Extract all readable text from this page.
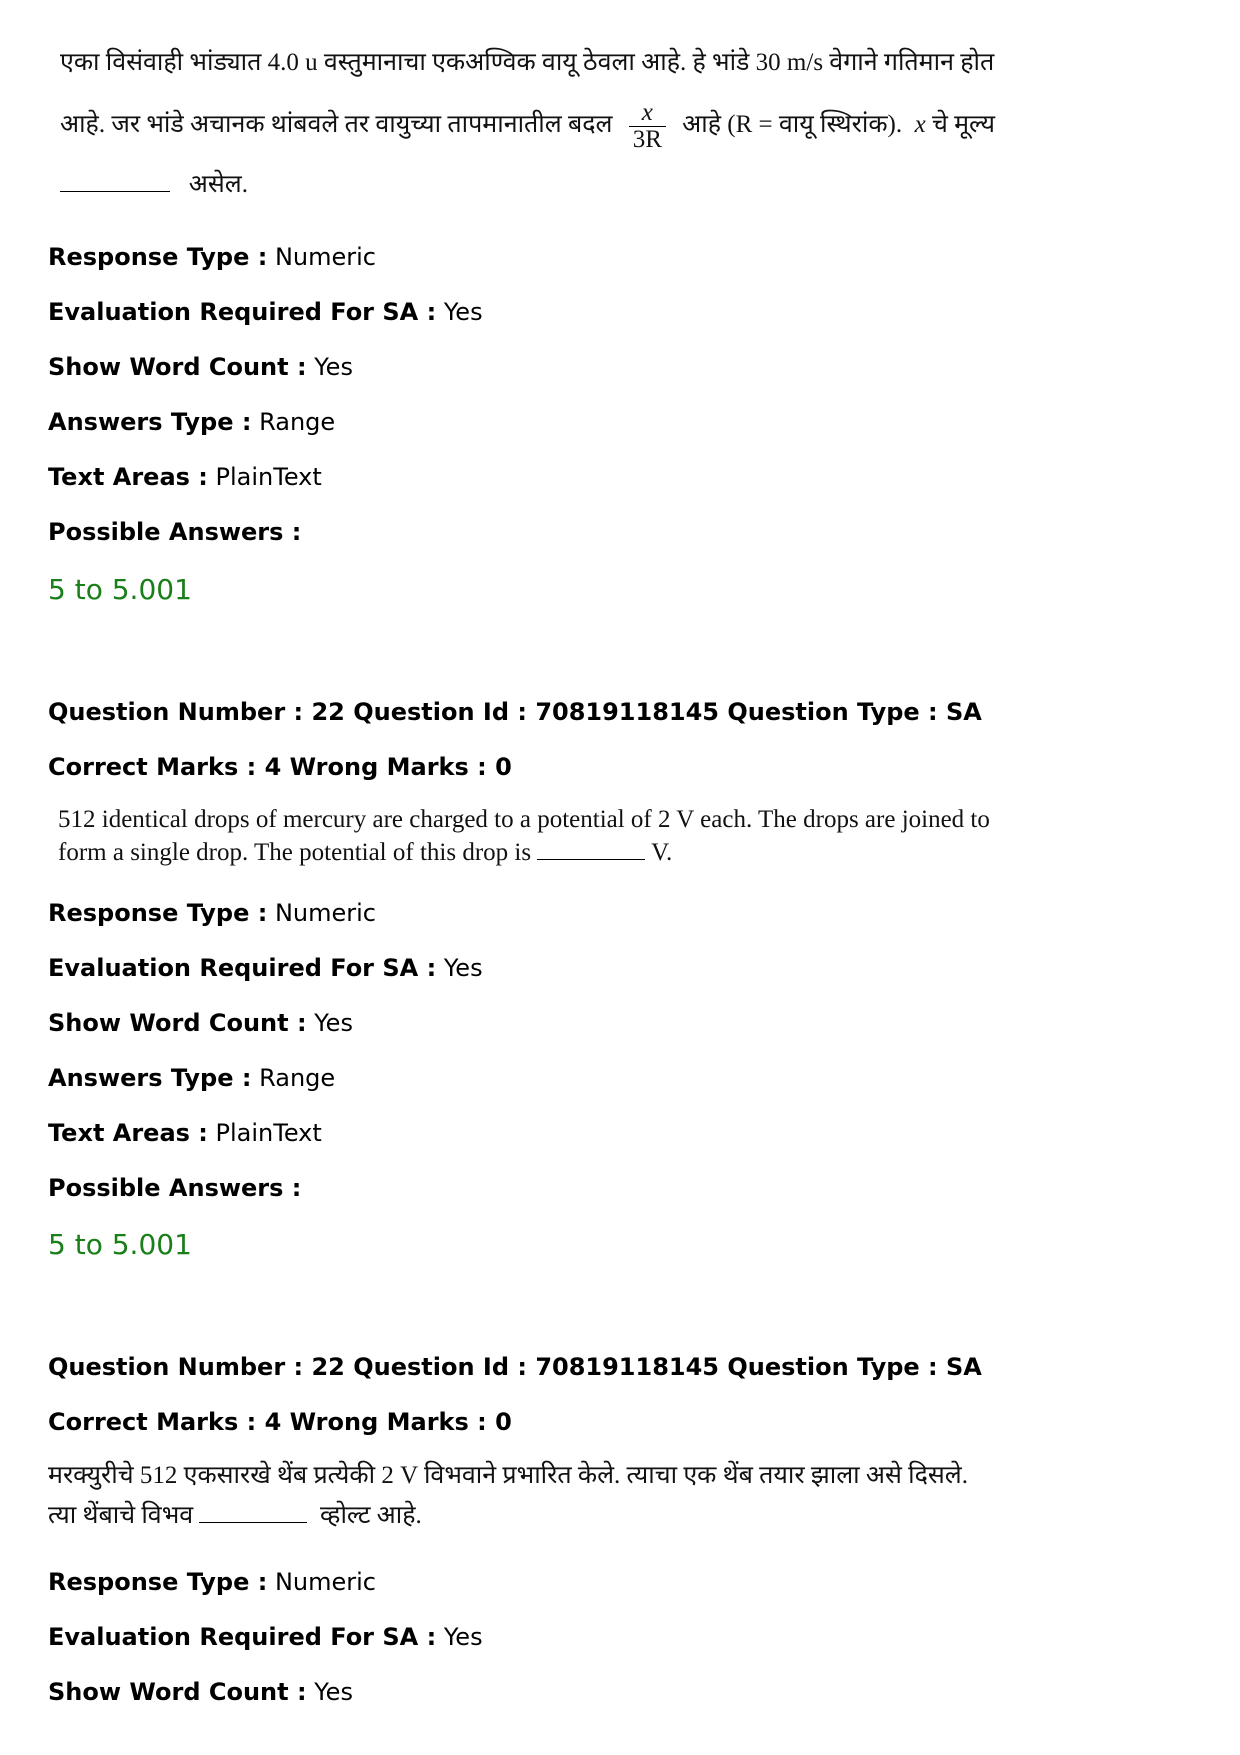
एका विसंवाही भांड्यात 4.0 u वस्तुमानाचा एकअण्विक वायू ठेवला आहे. हे भांडे 30 m/s वेगाने गतिमान होत
आहे. जर भांडे अचानक थांबवले तर वायुच्या तापमानातील बदल $\frac{x}{3R}$ आहे (R = वायू स्थिरांक). x चे मूल्य
असेल.
Response Type : Numeric
Evaluation Required For SA : Yes
Show Word Count : Yes
Answers Type : Range
Text Areas : PlainText
Possible Answers :
5 to 5.001
Question Number : 22 Question Id : 70819118145 Question Type : SA
Correct Marks : 4 Wrong Marks : 0
512 identical drops of mercury are charged to a potential of 2 V each. The drops are joined to
form a single drop. The potential of this drop is	V.
Response Type : Numeric
Evaluation Required For SA : Yes
Show Word Count : Yes
Answers Type : Range
Text Areas : PlainText
Possible Answers :
5 to 5.001
Question Number : 22 Question Id : 70819118145 Question Type : SA
Correct Marks : 4 Wrong Marks : 0
मरक्युरीचे 512 एकसारखे थेंब प्रत्येकी 2 V विभवाने प्रभारित केले. त्याचा एक थेंब तयार झाला असे दिसले.
त्या थेंबाचे विभव	व्होल्ट आहे.
Response Type : Numeric
Evaluation Required For SA : Yes
Show Word Count : Yes
